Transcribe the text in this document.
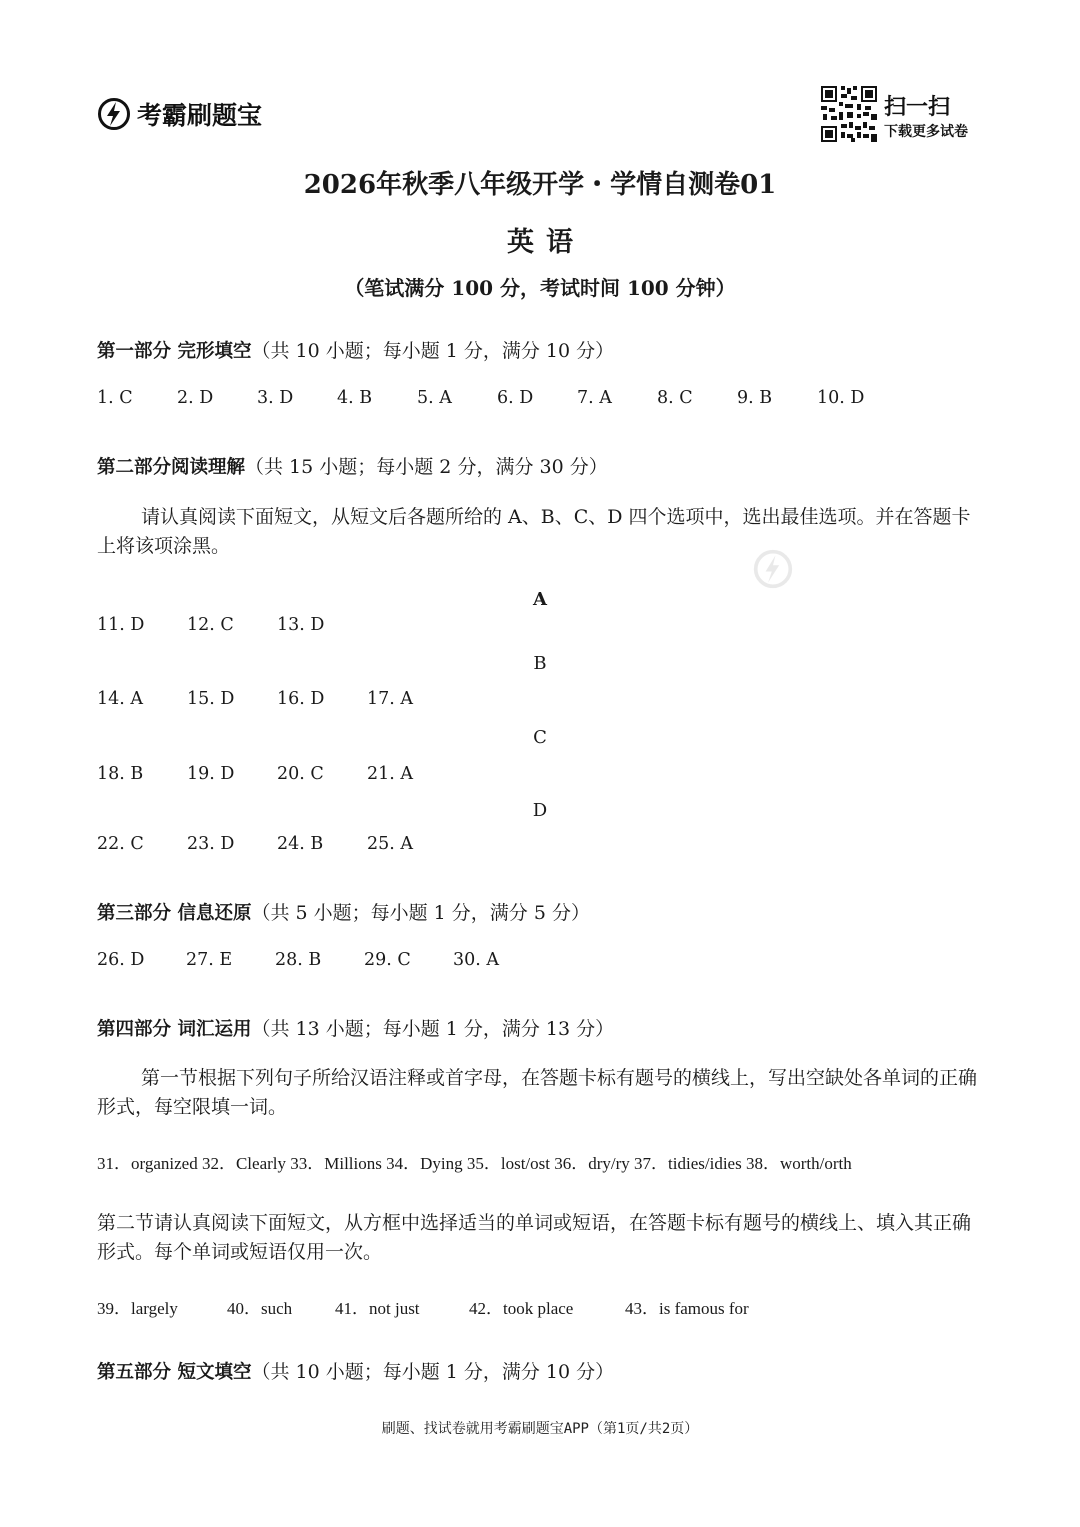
考霸刷题宝	扫一扫
下载更多试卷
2026年秋季八年级开学・学情自测卷01
英语
（笔试满分 100 分，考试时间 100 分钟）
第一部分 完形填空（共 10 小题；每小题 1 分，满分 10 分）
1. C	2. D	3. D	4. B	5. A	6. D	7. A	8. C	9. B	10. D
第二部分阅读理解（共 15 小题；每小题 2 分，满分 30 分）
请认真阅读下面短文，从短文后各题所给的 A、B、C、D 四个选项中，选出最佳选项。并在答题卡上将该项涂黑。
A
11. D	12. C	13. D
B
14. A	15. D	16. D	17. A
C
18. B	19. D	20. C	21. A
D
22. C	23. D	24. B	25. A
第三部分 信息还原（共 5 小题；每小题 1 分，满分 5 分）
26. D	27. E	28. B	29. C	30. A
第四部分 词汇运用（共 13 小题；每小题 1 分，满分 13 分）
第一节根据下列句子所给汉语注释或首字母，在答题卡标有题号的横线上，写出空缺处各单词的正确形式，每空限填一词。
31．organized 32．Clearly 33．Millions 34．Dying 35．lost/ost 36．dry/ry 37．tidies/idies 38．worth/orth
第二节请认真阅读下面短文，从方框中选择适当的单词或短语，在答题卡标有题号的横线上、填入其正确形式。每个单词或短语仅用一次。
39．largely	40．such	41．not just	42．took place	43．is famous for
第五部分 短文填空（共 10 小题；每小题 1 分，满分 10 分）
刷题、找试卷就用考霸刷题宝APP（第1页/共2页）
